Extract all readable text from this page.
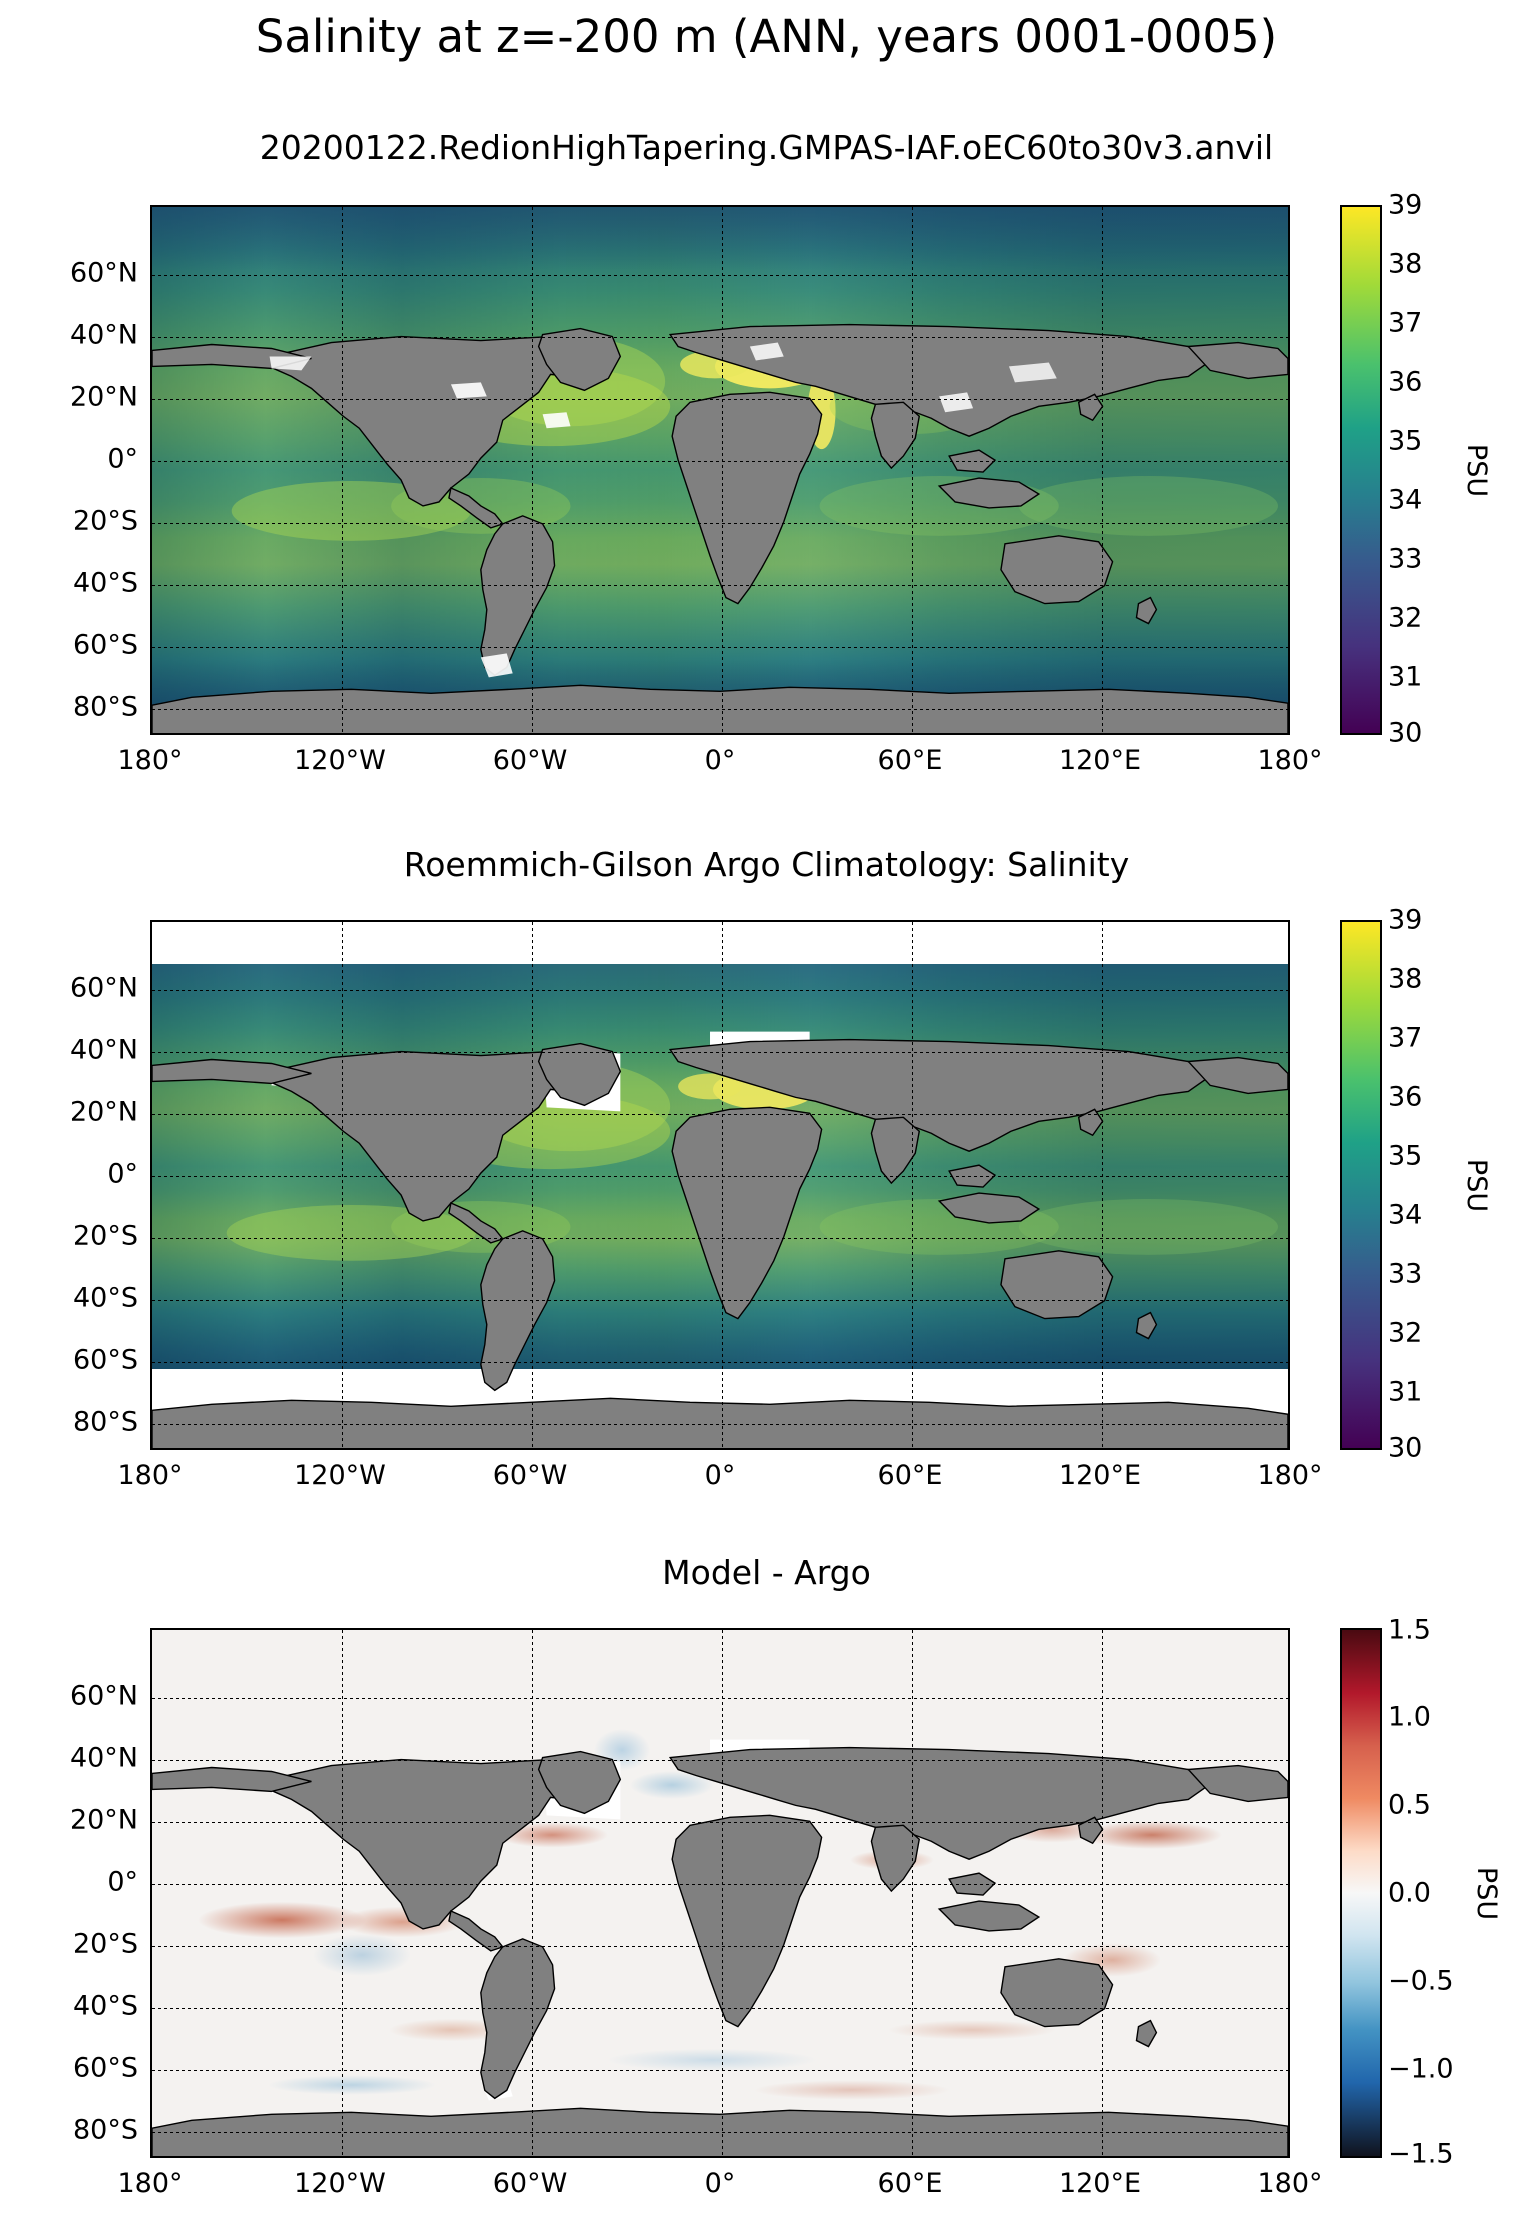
Salinity at z=-200 m (ANN, years 0001-0005)
20200122.RedionHighTapering.GMPAS-IAF.oEC60to30v3.anvil
60°N
40°N
20°N
0°
20°S
40°S
60°S
80°S
180°	120°W	60°W	0°	60°E	120°E	180°
39
38
37
36
35
34
33
32
31
30
PSU
Roemmich-Gilson Argo Climatology: Salinity
60°N
40°N
20°N
0°
20°S
40°S
60°S
80°S
180°	120°W	60°W	0°	60°E	120°E	180°
39
38
37
36
35
34
33
32
31
30
PSU
Model - Argo
60°N
40°N
20°N
0°
20°S
40°S
60°S
80°S
180°	120°W	60°W	0°	60°E	120°E	180°
1.5
1.0
0.5
0.0
−0.5
−1.0
−1.5
PSU
